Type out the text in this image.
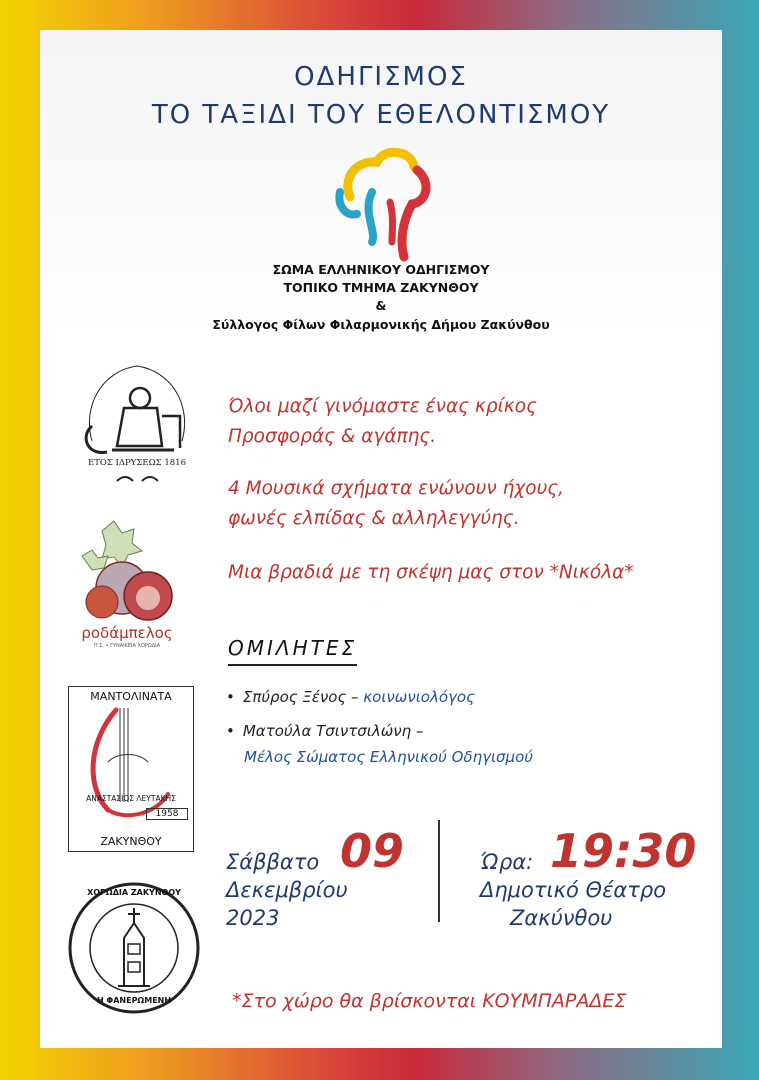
ΟΔΗΓΙΣΜΟΣ
ΤΟ ΤΑΞΙΔΙ ΤΟΥ ΕΘΕΛΟΝΤΙΣΜΟΥ
ΣΩΜΑ ΕΛΛΗΝΙΚΟΥ ΟΔΗΓΙΣΜΟΥ
ΤΟΠΙΚΟ ΤΜΗΜΑ ΖΑΚΥΝΘΟΥ
&
Σύλλογος Φίλων Φιλαρμονικής Δήμου Ζακύνθου
ΕΤΟΣ ΙΔΡΥΣΕΩΣ 1816
Όλοι μαζί γινόμαστε ένας κρίκος
Προσφοράς & αγάπης.
4 Μουσικά σχήματα ενώνουν ήχους,
φωνές ελπίδας & αλληλεγγύης.
Μια βραδιά με τη σκέψη μας στον *Νικόλα*
ροδάμπελος
Π.Σ. • ΓΥΝΑΙΚΕΙΑ ΧΟΡΩΔΙΑ	ΟΜΙΛΗΤΕΣ
• Σπύρος Ξένος – κοινωνιολόγος
• Ματούλα Τσιντσιλώνη –
Μέλος Σώματος Ελληνικού Οδηγισμού
ΜΑΝΤΟΛΙΝΑΤΑ
ΑΝΑΣΤΑΣΙΟΣ ΛΕΥΤΑΚΗΣ
1958
ΖΑΚΥΝΘΟΥ
Σάββατο 09
Δεκεμβρίου
2023
Ώρα: 19:30
Δημοτικό Θέατρο
Ζακύνθου
ΧΟΡΩΔΙΑ ΖΑΚΥΝΘΟΥ
Η ΦΑΝΕΡΩΜΕΝΗ	*Στο χώρο θα βρίσκονται ΚΟΥΜΠΑΡΑΔΕΣ
